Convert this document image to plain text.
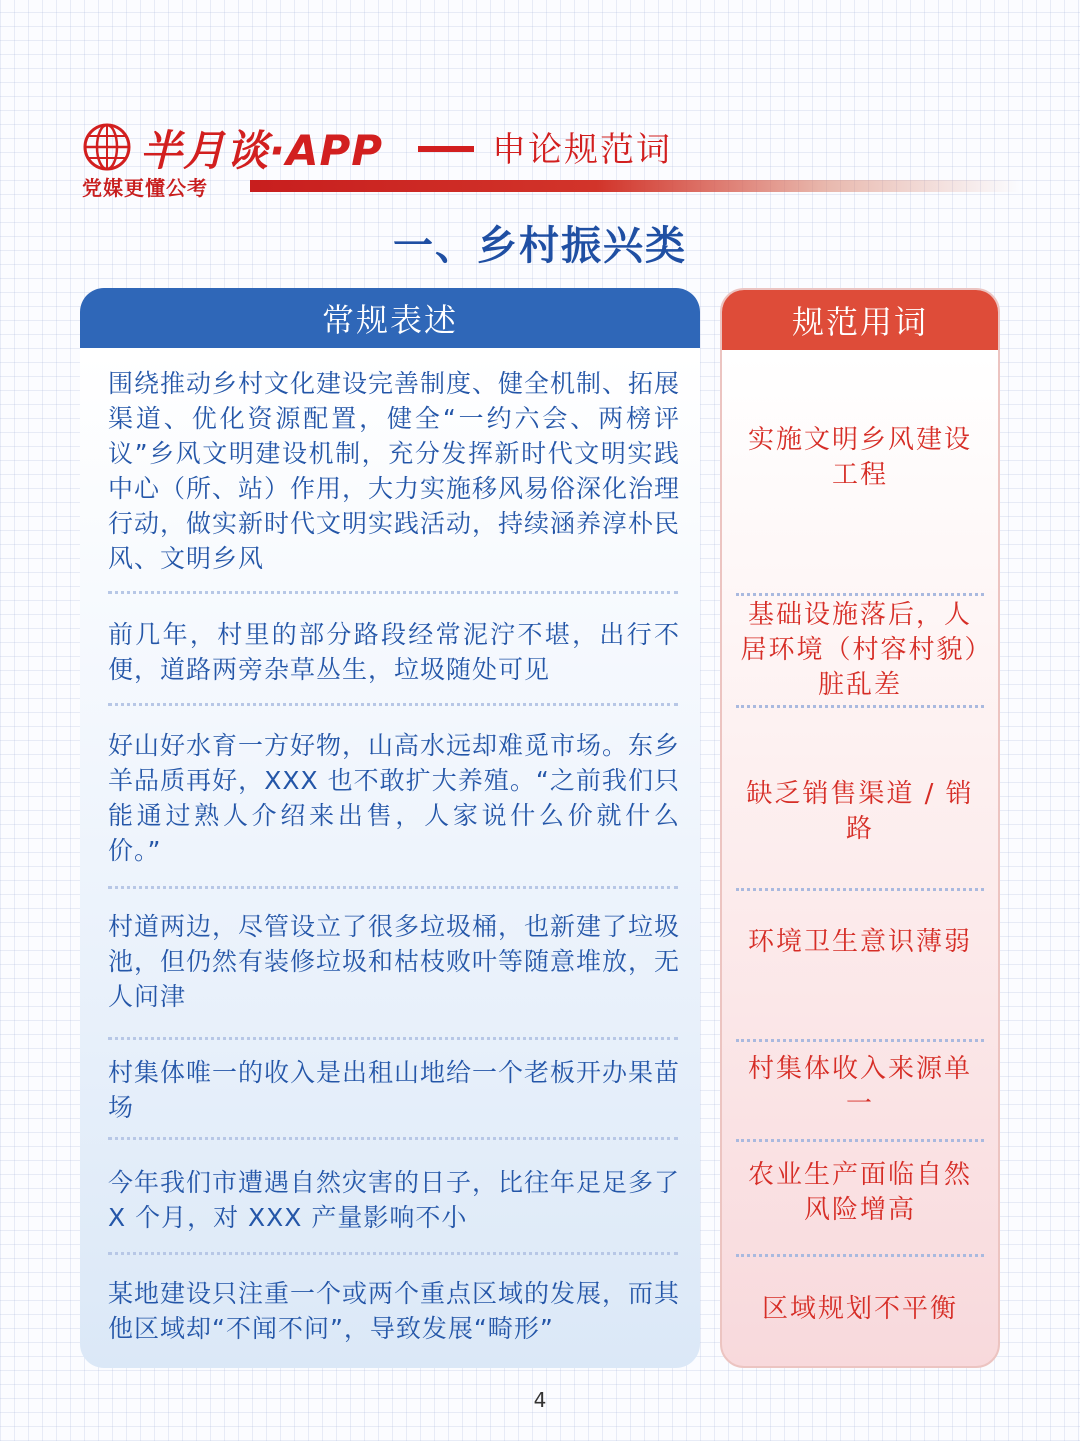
半月谈·APP	申论规范词
党媒更懂公考
一、乡村振兴类
常规表述
围绕推动乡村文化建设完善制度、健全机制、拓展渠道、优化资源配置，健全“一约六会、两榜评议”乡风文明建设机制，充分发挥新时代文明实践中心（所、站）作用，大力实施移风易俗深化治理行动，做实新时代文明实践活动，持续涵养淳朴民风、文明乡风
前几年，村里的部分路段经常泥泞不堪，出行不便，道路两旁杂草丛生，垃圾随处可见
好山好水育一方好物，山高水远却难觅市场。东乡羊品质再好，XXX 也不敢扩大养殖。“之前我们只能通过熟人介绍来出售，人家说什么价就什么价。”
村道两边，尽管设立了很多垃圾桶，也新建了垃圾池，但仍然有装修垃圾和枯枝败叶等随意堆放，无人问津
村集体唯一的收入是出租山地给一个老板开办果苗场
今年我们市遭遇自然灾害的日子，比往年足足多了 X 个月，对 XXX 产量影响不小
某地建设只注重一个或两个重点区域的发展，而其他区域却“不闻不问”，导致发展“畸形”
规范用词
实施文明乡风建设工程
基础设施落后，人居环境（村容村貌）脏乱差
缺乏销售渠道 / 销路
环境卫生意识薄弱
村集体收入来源单一
农业生产面临自然风险增高
区域规划不平衡
4
